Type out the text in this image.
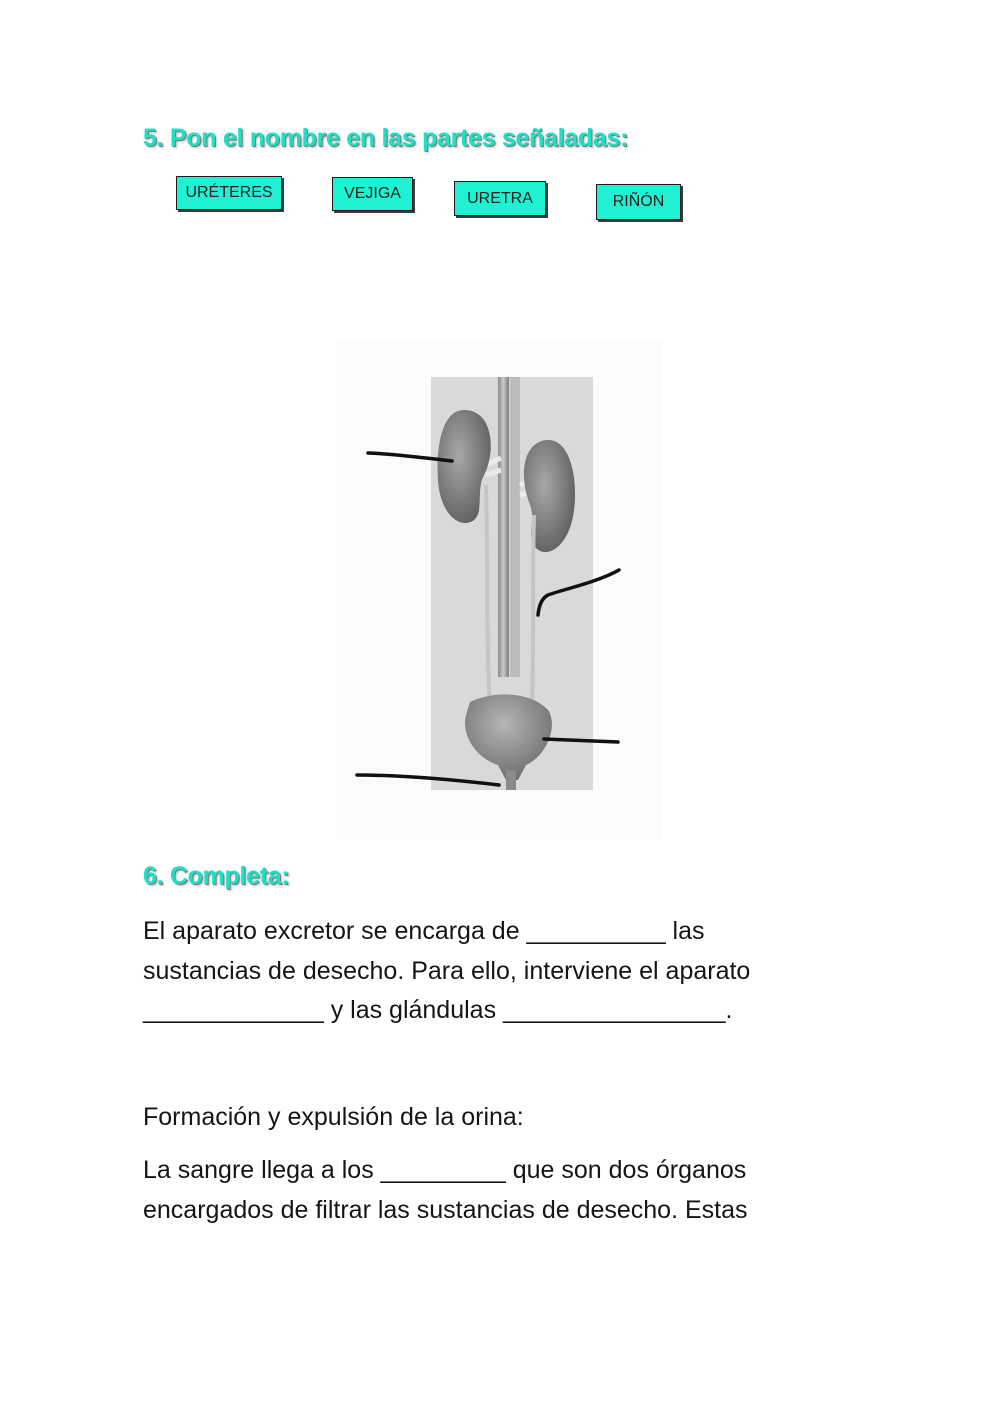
5. Pon el nombre en las partes señaladas:
URÉTERES	VEJIGA	URETRA	RIÑÓN
6. Completa:
El aparato excretor se encarga de __________ las
sustancias de desecho. Para ello, interviene el aparato
_____________ y las glándulas ________________.
Formación y expulsión de la orina:
La sangre llega a los _________ que son dos órganos
encargados de filtrar las sustancias de desecho. Estas
